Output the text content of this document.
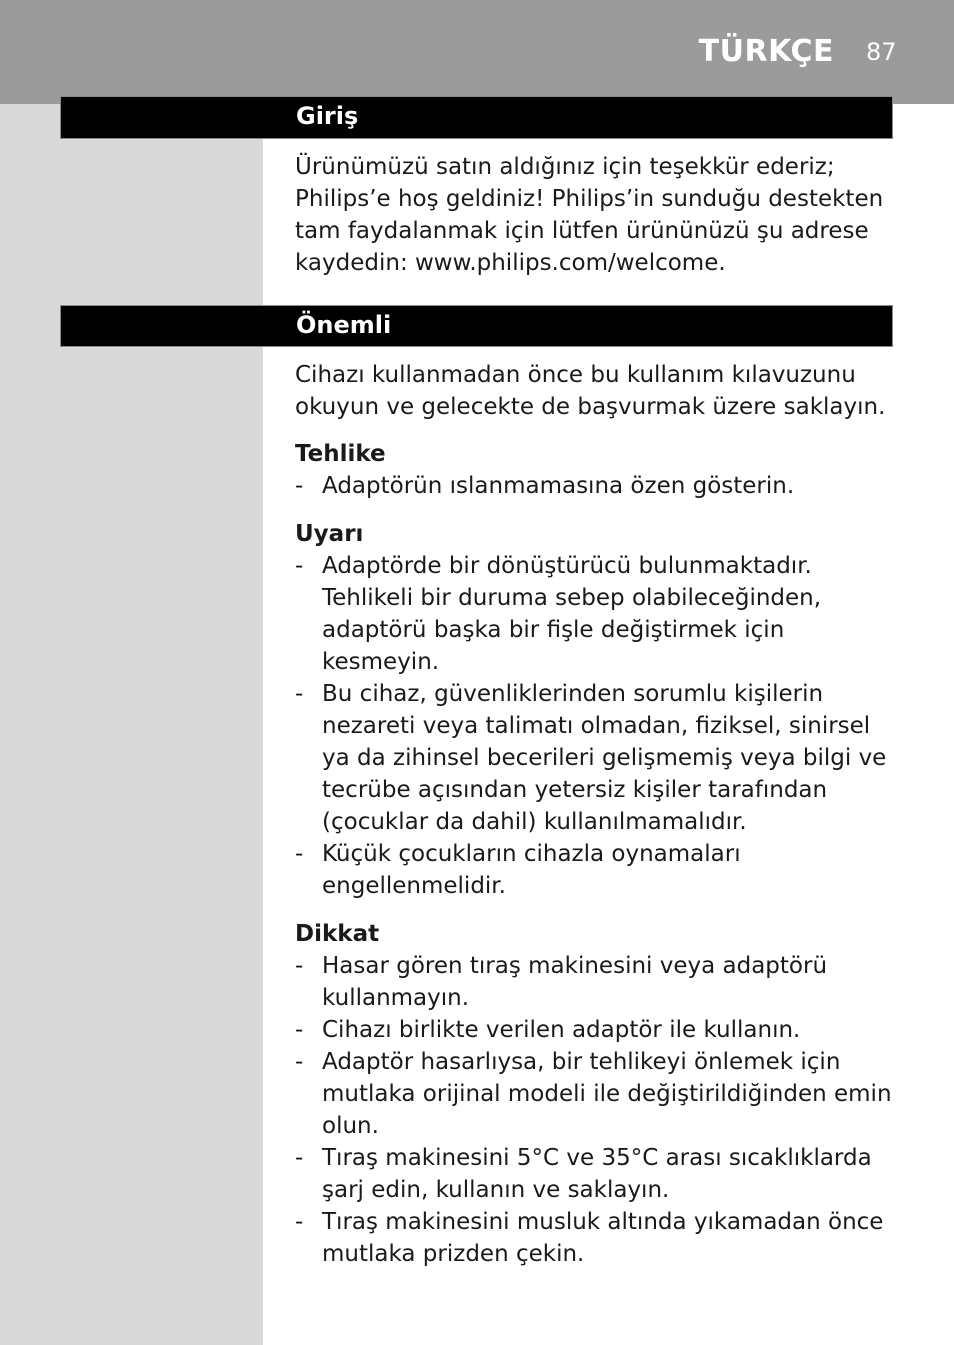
TÜRKÇE 87
Giriş

Ürünümüzü satın aldığınız için teşekkür ederiz; Philips’e hoş geldiniz! Philips’in sunduğu destekten tam faydalanmak için lütfen ürününüzü şu adrese kaydedin: www.philips.com/welcome.

Önemli

Cihazı kullanmadan önce bu kullanım kılavuzunu okuyun ve gelecekte de başvurmak üzere saklayın.

Tehlike

- Adaptörün ıslanmamasına özen gösterin.

Uyarı

- Adaptörde bir dönüştürücü bulunmaktadır. Tehlikeli bir duruma sebep olabileceğinden, adaptörü başka bir fişle değiştirmek için kesmeyin.
- Bu cihaz, güvenliklerinden sorumlu kişilerin nezareti veya talimatı olmadan, fiziksel, sinirsel ya da zihinsel becerileri gelişmemiş veya bilgi ve tecrübe açısından yetersiz kişiler tarafından (çocuklar da dahil) kullanılmamalıdır.
- Küçük çocukların cihazla oynamaları engellenmelidir.

Dikkat

- Hasar gören tıraş makinesini veya adaptörü kullanmayın.
- Cihazı birlikte verilen adaptör ile kullanın.
- Adaptör hasarlıysa, bir tehlikeyi önlemek için mutlaka orijinal modeli ile değiştirildiğinden emin olun.
- Tıraş makinesini 5°C ve 35°C arası sıcaklıklarda şarj edin, kullanın ve saklayın.
- Tıraş makinesini musluk altında yıkamadan önce mutlaka prizden çekin.
